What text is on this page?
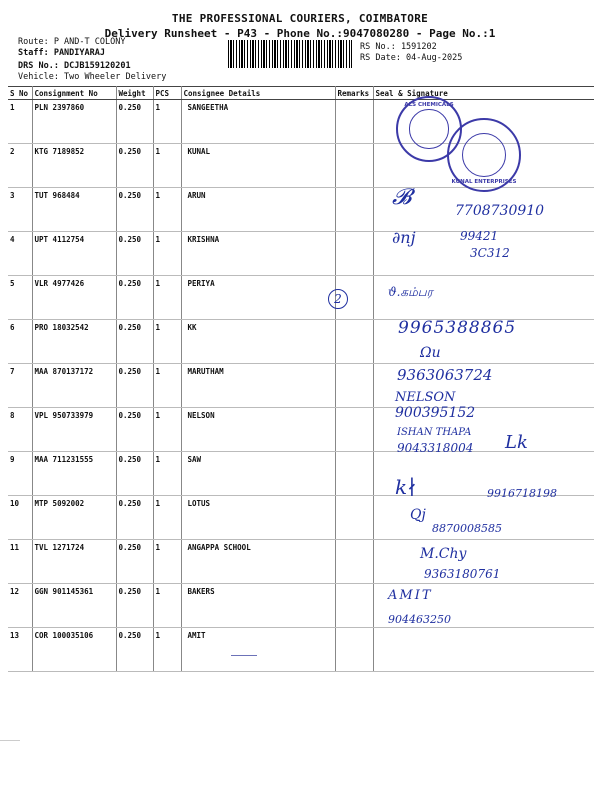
THE PROFESSIONAL COURIERS, COIMBATORE
Delivery Runsheet - P43 - Phone No.:9047080280 - Page No.:1
Route: P AND-T COLONY
Staff: PANDIYARAJ
DRS No.: DCJB159120201
Vehicle: Two Wheeler Delivery
RS No.: 1591202
RS Date: 04-Aug-2025
S No	Consignment No	Weight	PCS	Consignee Details	Remarks	Seal & Signature
1	PLN 2397860	0.250	1	SANGEETHA		
2	KTG 7189852	0.250	1	KUNAL		
3	TUT 968484	0.250	1	ARUN		
4	UPT 4112754	0.250	1	KRISHNA		
5	VLR 4977426	0.250	1	PERIYA		
6	PRO 18032542	0.250	1	KK		
7	MAA 870137172	0.250	1	MARUTHAM		
8	VPL 950733979	0.250	1	NELSON		
9	MAA 711231555	0.250	1	SAW		
10	MTP 5092002	0.250	1	LOTUS		
11	TVL 1271724	0.250	1	ANGAPPA SCHOOL		
12	GGN 901145361	0.250	1	BAKERS		
13	COR 100035106	0.250	1	AMIT		
ALS CHEMICALS
KUNAL ENTERPRISES
𝓑
7708730910
∂nj	99421
3C312
2	ϑ.கம்பர
9965388865
Ωu
9363063724
NELSON
9003951​52
ISHAN THAPA
9043318004 Lk
k∤	9916718198
Qj
8870008585
M.Chy
9363180761
AMIT
904463250
